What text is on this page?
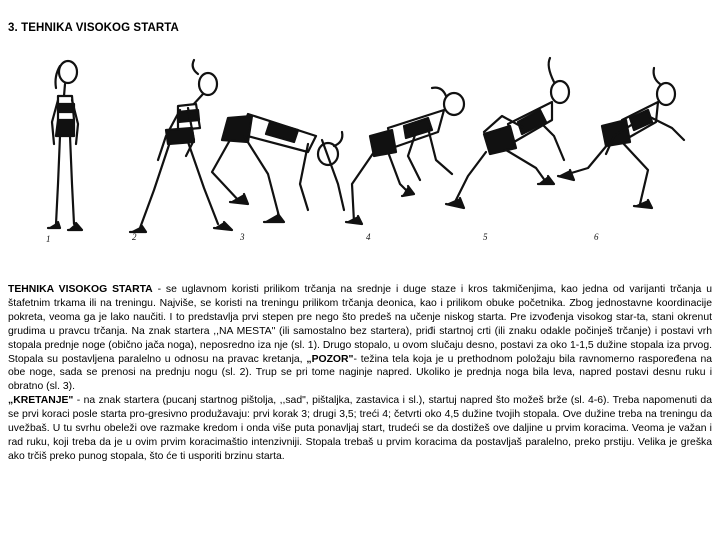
3. TEHNIKA VISOKOG STARTA
1	2	3	4	5	6

TEHNIKA VISOKOG STARTA - se uglavnom koristi prilikom trčanja na srednje i duge staze i kros takmičenjima, kao jedna od varijanti trčanja u štafetnim trkama ili na treningu. Najviše, se koristi na treningu prilikom trčanja deonica, kao i prilikom obuke početnika. Zbog jednostavne koordinacije pokreta, veoma ga je lako naučiti. I to predstavlja prvi stepen pre nego što predeš na učenje niskog starta. Pre izvođenja visokog star-ta, stani okrenut grudima u pravcu trčanja. Na znak startera ,,NA MESTA" (ili samostalno bez startera), priđi startnoj crti (ili znaku odakle počinješ trčanje) i postavi vrh stopala prednje noge (obično jača noga), neposredno iza nje (sl. 1). Drugo stopalo, u ovom slučaju desno, postavi za oko 1-1,5 dužine stopala iza prvog. Stopala su postavljena paralelno u odnosu na pravac kretanja, „POZOR"- težina tela koja je u prethodnom položaju bila ravnomerno raspoređena na obe noge, sada se prenosi na prednju nogu (sl. 2). Trup se pri tome naginje napred. Ukoliko je prednja noga bila leva, napred postavi desnu ruku i obratno (sl. 3).

„KRETANJE" - na znak startera (pucanj startnog pištolja, ,,sad", pištaljka, zastavica i sl.), startuj napred što možeš brže (sl. 4-6). Treba napomenuti da se prvi koraci posle starta pro-gresivno produžavaju: prvi korak 3; drugi 3,5; treći 4; četvrti oko 4,5 dužine tvojih stopala. Ove dužine treba na treningu da uvežbaš. U tu svrhu obeleži ove razmake kredom i onda više puta ponavljaj start, trudeći se da dostižeš ove daljine u prvim koracima. Veoma je važan i rad ruku, koji treba da je u ovim prvim koracimaštio intenzivniji. Stopala trebaš u prvim koracima da postavljaš paralelno, preko prstiju. Velika je greška ako trčiš preko punog stopala, što će ti usporiti brzinu starta.
